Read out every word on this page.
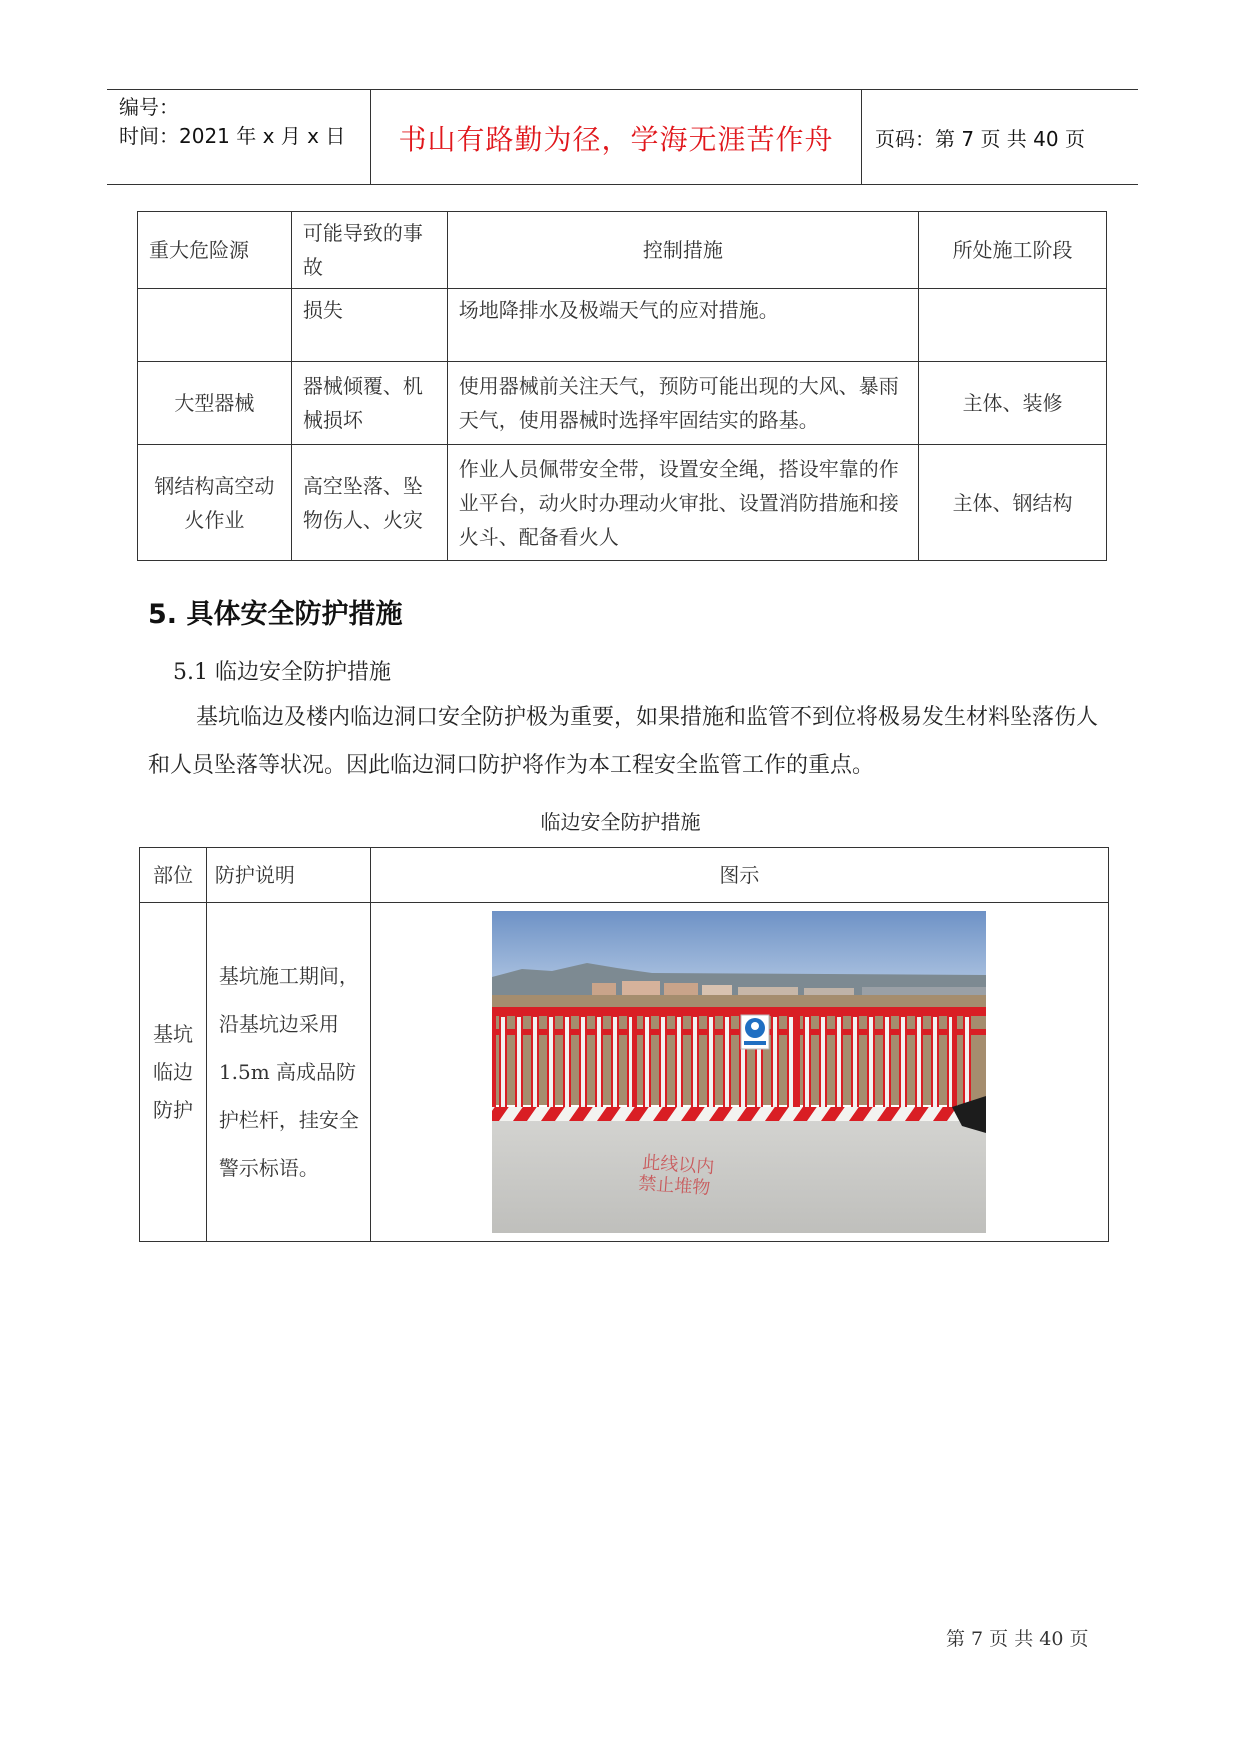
编号：
时间：2021 年 x 月 x 日	书山有路勤为径，学海无涯苦作舟	页码：第 7 页 共 40 页
重大危险源	可能导致的事故	控制措施	所处施工阶段
	损失	场地降排水及极端天气的应对措施。	
大型器械	器械倾覆、机械损坏	使用器械前关注天气，预防可能出现的大风、暴雨天气，使用器械时选择牢固结实的路基。	主体、装修
钢结构高空动火作业	高空坠落、坠物伤人、火灾	作业人员佩带安全带，设置安全绳，搭设牢靠的作业平台，动火时办理动火审批、设置消防措施和接火斗、配备看火人	主体、钢结构
5. 具体安全防护措施
5.1 临边安全防护措施

基坑临边及楼内临边洞口安全防护极为重要，如果措施和监管不到位将极易发生材料坠落伤人和人员坠落等状况。因此临边洞口防护将作为本工程安全监管工作的重点。

临边安全防护措施
部位	防护说明	图示
基坑临边防护	基坑施工期间，沿基坑边采用1.5m 高成品防护栏杆，挂安全警示标语。	此线以内
禁止堆物
第 7 页 共 40 页
